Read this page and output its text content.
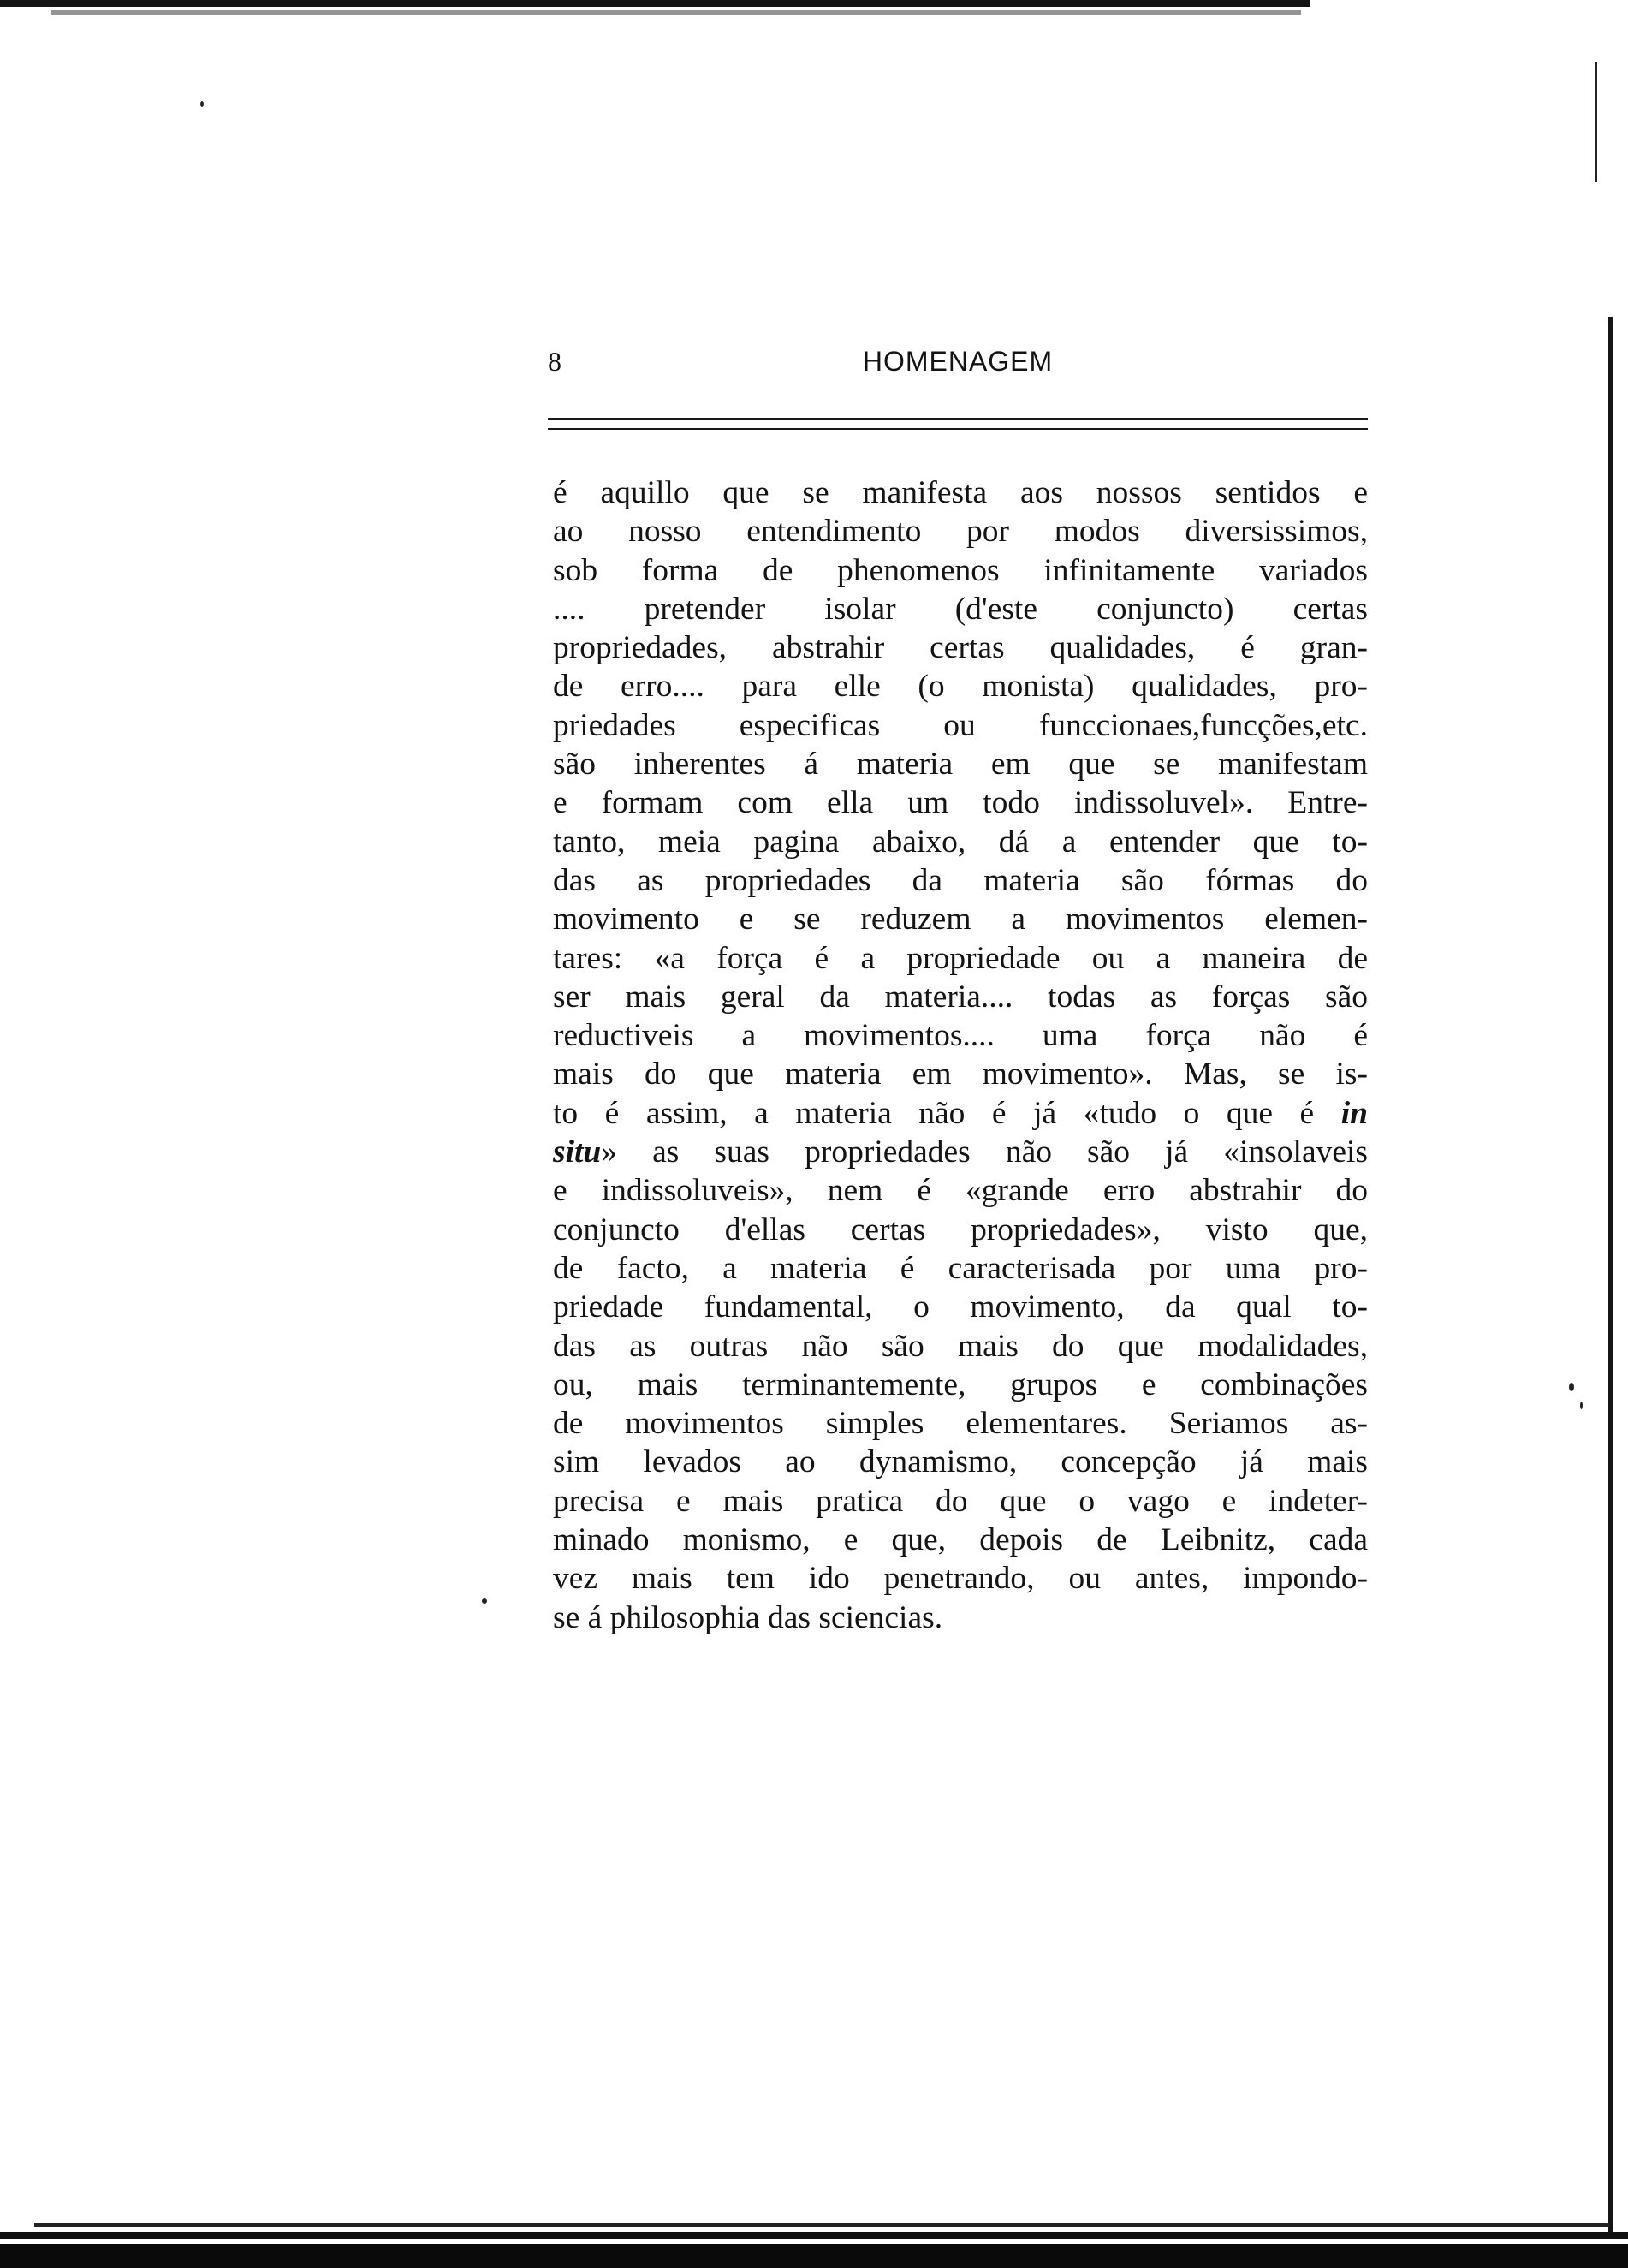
8	HOMENAGEM
é aquillo que se manifesta aos nossos sentidos e
ao nosso entendimento por modos diversissimos,
sob forma de phenomenos infinitamente variados
.... pretender isolar (d'este conjuncto) certas
propriedades, abstrahir certas qualidades, é gran-
de erro.... para elle (o monista) qualidades, pro-
priedades especificas ou funccionaes,funcções,etc.
são inherentes á materia em que se manifestam
e formam com ella um todo indissoluvel». Entre-
tanto, meia pagina abaixo, dá a entender que to-
das as propriedades da materia são fórmas do
movimento e se reduzem a movimentos elemen-
tares: «a força é a propriedade ou a maneira de
ser mais geral da materia.... todas as forças são
reductiveis a movimentos.... uma força não é
mais do que materia em movimento». Mas, se is-
to é assim, a materia não é já «tudo o que é in
situ» as suas propriedades não são já «insolaveis
e indissoluveis», nem é «grande erro abstrahir do
conjuncto d'ellas certas propriedades», visto que,
de facto, a materia é caracterisada por uma pro-
priedade fundamental, o movimento, da qual to-
das as outras não são mais do que modalidades,
ou, mais terminantemente, grupos e combinações
de movimentos simples elementares. Seriamos as-
sim levados ao dynamismo, concepção já mais
precisa e mais pratica do que o vago e indeter-
minado monismo, e que, depois de Leibnitz, cada
vez mais tem ido penetrando, ou antes, impondo-
se á philosophia das sciencias.
